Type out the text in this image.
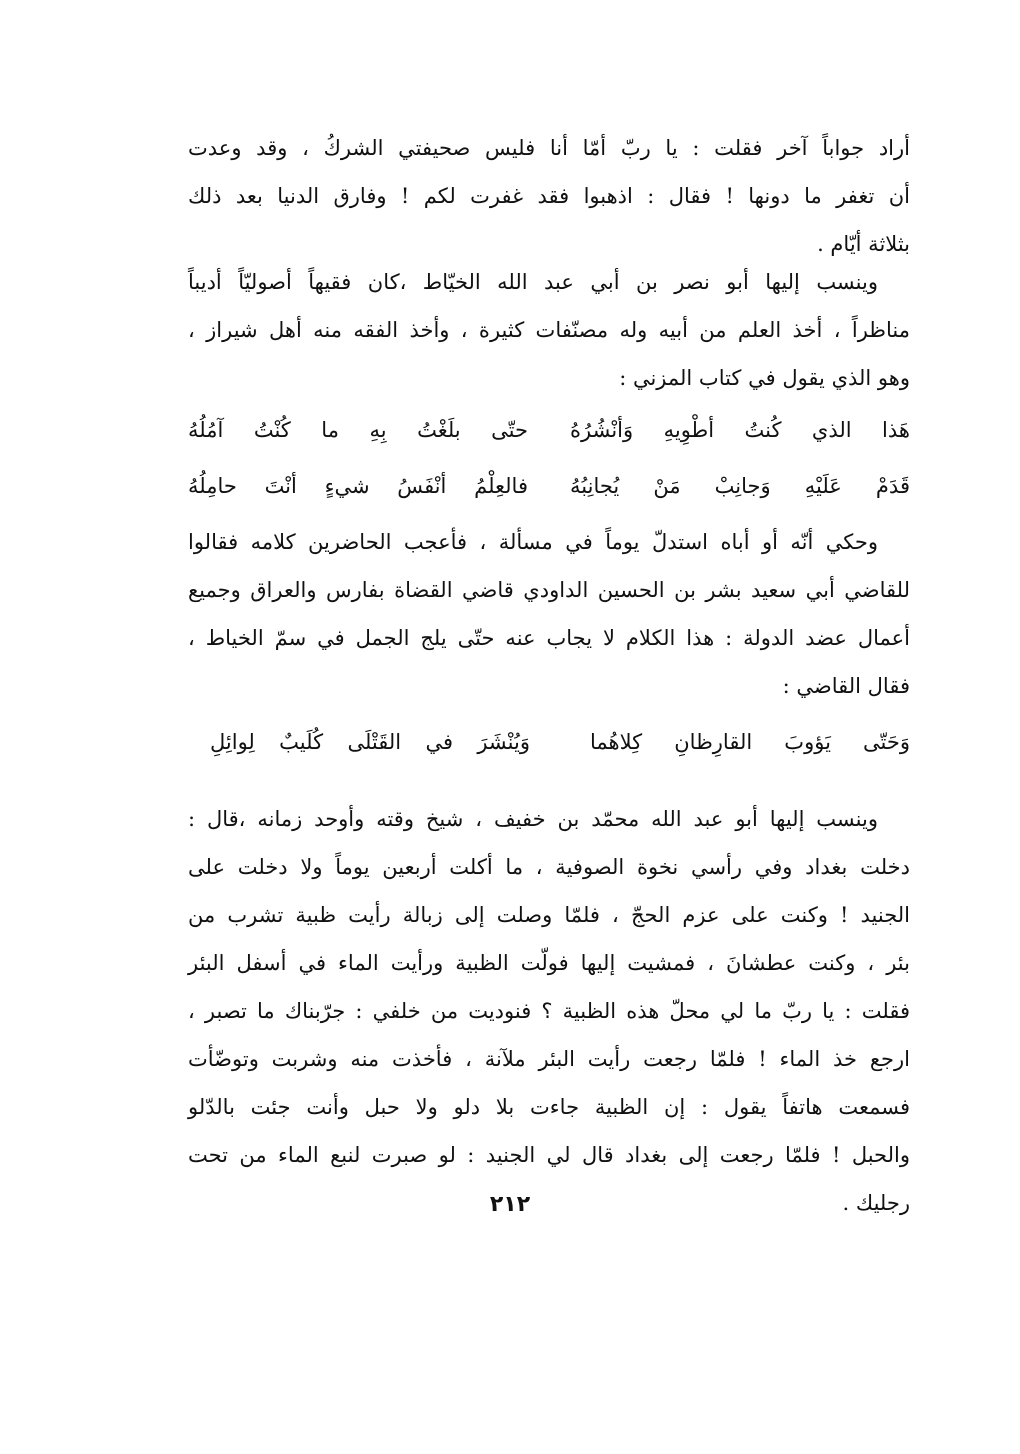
أراد جواباً آخر فقلت : يا ربّ أمّا أنا فليس صحيفتي الشركُ ، وقد وعدت
أن تغفر ما دونها ! فقال : اذهبوا فقد غفرت لكم ! وفارق الدنيا بعد ذلك
بثلاثة أيّام .

وينسب إليها أبو نصر بن أبي عبد الله الخيّاط ،كان فقيهاً أصوليّاً أديباً
مناظراً ، أخذ العلم من أبيه وله مصنّفات كثيرة ، وأخذ الفقه منه أهل شيراز ،
وهو الذي يقول في كتاب المزني :

هَذا الذي كُنتُ أطْوِيهِ وَأنْشُرُهُ
حتّى بلَغْتُ بِهِ ما كُنْتُ آمُلُهُ
قَدَمْ عَلَيْهِ وَجانِبْ مَنْ يُجانِبُهُ
فالعِلْمُ أنْفَسُ شيءٍ أنْتَ حامِلُهُ

وحكي أنّه أو أباه استدلّ يوماً في مسألة ، فأعجب الحاضرين كلامه فقالوا
للقاضي أبي سعيد بشر بن الحسين الداودي قاضي القضاة بفارس والعراق وجميع
أعمال عضد الدولة : هذا الكلام لا يجاب عنه حتّى يلج الجمل في سمّ الخياط ،
فقال القاضي :

وَحَتّى يَؤوبَ القارِظانِ كِلاهُما
وَيُنْشَرَ في القَتْلَى كُلَيبٌ لِوائِلِ

وينسب إليها أبو عبد الله محمّد بن خفيف ، شيخ وقته وأوحد زمانه ،قال :
دخلت بغداد وفي رأسي نخوة الصوفية ، ما أكلت أربعين يوماً ولا دخلت على
الجنيد ! وكنت على عزم الحجّ ، فلمّا وصلت إلى زبالة رأيت ظبية تشرب من
بئر ، وكنت عطشانَ ، فمشيت إليها فولّت الظبية ورأيت الماء في أسفل البئر
فقلت : يا ربّ ما لي محلّ هذه الظبية ؟ فنوديت من خلفي : جرّبناك ما تصبر ،
ارجع خذ الماء ! فلمّا رجعت رأيت البئر ملآنة ، فأخذت منه وشربت وتوضّأت
فسمعت هاتفاً يقول : إن الظبية جاءت بلا دلو ولا حبل وأنت جئت بالدّلو
والحبل ! فلمّا رجعت إلى بغداد قال لي الجنيد : لو صبرت لنبع الماء من تحت
رجليك .

٢١٢
